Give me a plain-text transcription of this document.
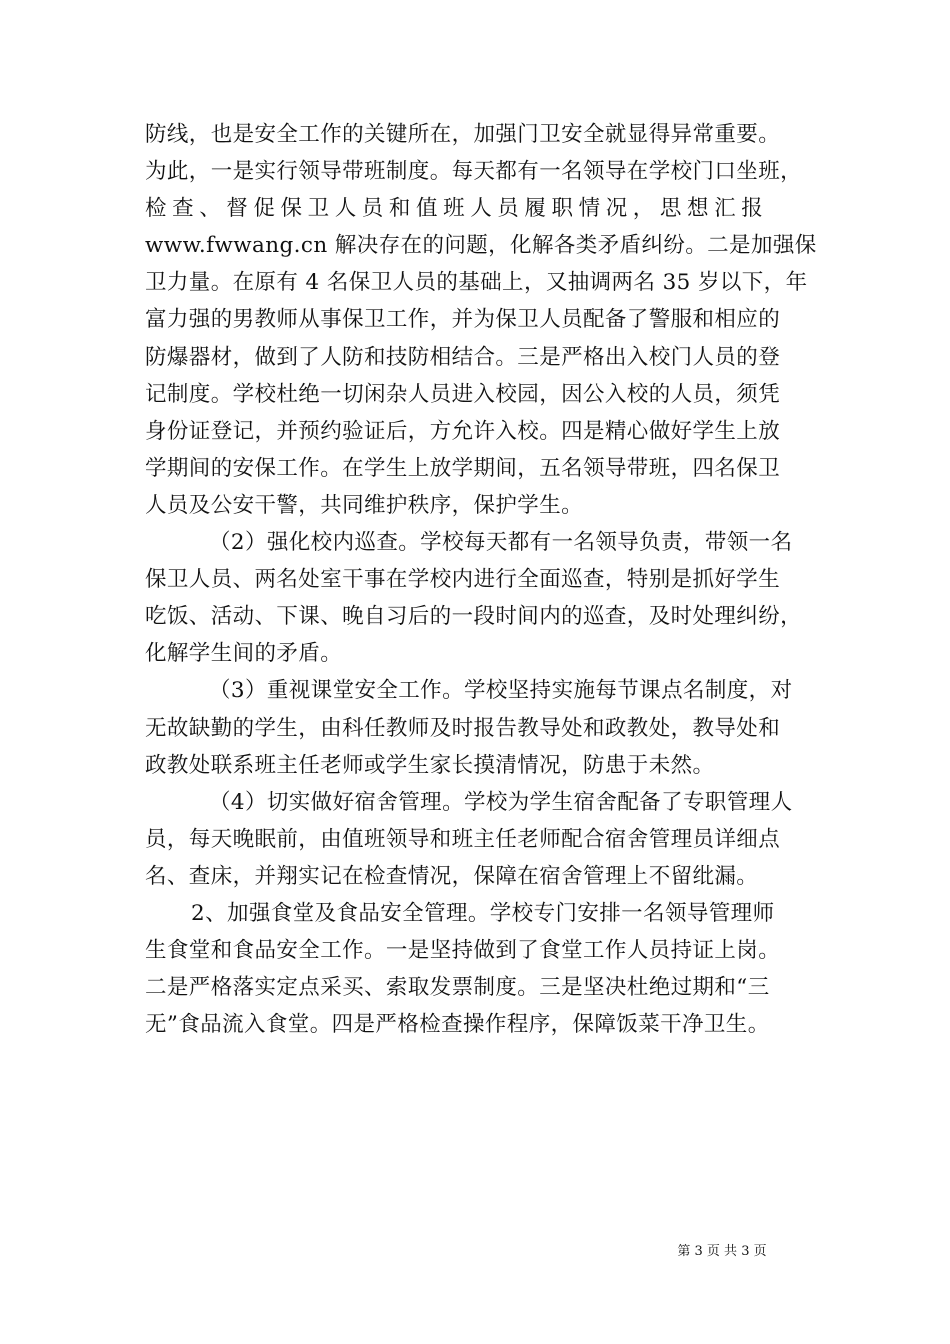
防线，也是安全工作的关键所在，加强门卫安全就显得异常重要。
为此，一是实行领导带班制度。每天都有一名领导在学校门口坐班，
检查、督促保卫人员和值班人员履职情况，思想汇报
www.fwwang.cn 解决存在的问题，化解各类矛盾纠纷。二是加强保
卫力量。在原有 4 名保卫人员的基础上，又抽调两名 35 岁以下，年
富力强的男教师从事保卫工作，并为保卫人员配备了警服和相应的
防爆器材，做到了人防和技防相结合。三是严格出入校门人员的登
记制度。学校杜绝一切闲杂人员进入校园，因公入校的人员，须凭
身份证登记，并预约验证后，方允许入校。四是精心做好学生上放
学期间的安保工作。在学生上放学期间，五名领导带班，四名保卫
人员及公安干警，共同维护秩序，保护学生。
（2）强化校内巡查。学校每天都有一名领导负责，带领一名
保卫人员、两名处室干事在学校内进行全面巡查，特别是抓好学生
吃饭、活动、下课、晚自习后的一段时间内的巡查，及时处理纠纷，
化解学生间的矛盾。
（3）重视课堂安全工作。学校坚持实施每节课点名制度，对
无故缺勤的学生，由科任教师及时报告教导处和政教处，教导处和
政教处联系班主任老师或学生家长摸清情况，防患于未然。
（4）切实做好宿舍管理。学校为学生宿舍配备了专职管理人
员，每天晚眠前，由值班领导和班主任老师配合宿舍管理员详细点
名、查床，并翔实记在检查情况，保障在宿舍管理上不留纰漏。
2、加强食堂及食品安全管理。学校专门安排一名领导管理师
生食堂和食品安全工作。一是坚持做到了食堂工作人员持证上岗。
二是严格落实定点采买、索取发票制度。三是坚决杜绝过期和“三
无”食品流入食堂。四是严格检查操作程序，保障饭菜干净卫生。
第 3 页 共 3 页
